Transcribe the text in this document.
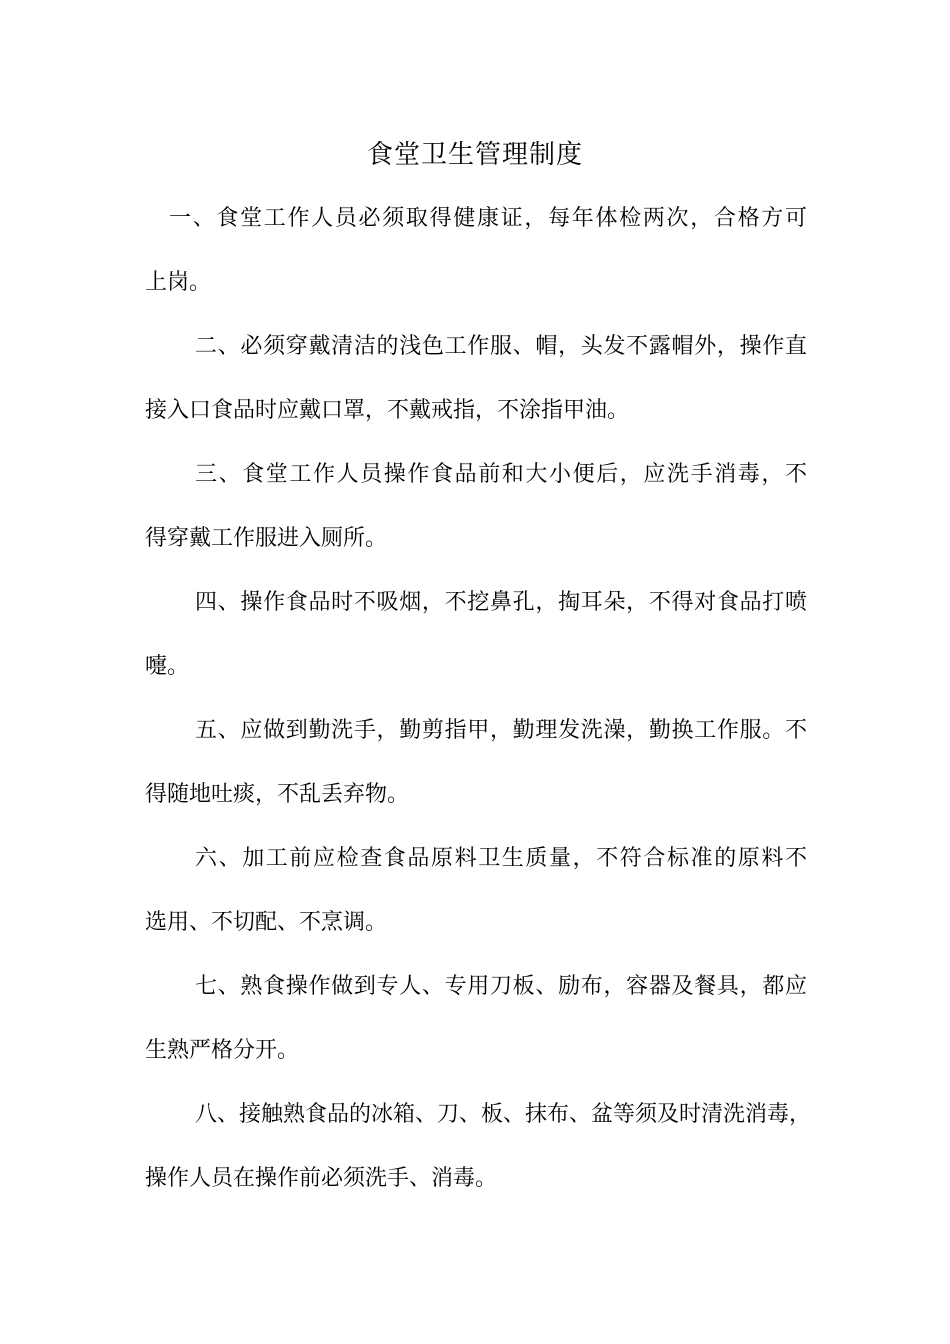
食堂卫生管理制度
一、食堂工作人员必须取得健康证，每年体检两次，合格方可
上岗。
二、必须穿戴清洁的浅色工作服、帽，头发不露帽外，操作直
接入口食品时应戴口罩，不戴戒指，不涂指甲油。
三、食堂工作人员操作食品前和大小便后，应洗手消毒，不
得穿戴工作服进入厕所。
四、操作食品时不吸烟，不挖鼻孔，掏耳朵，不得对食品打喷
嚏。
五、应做到勤洗手，勤剪指甲，勤理发洗澡，勤换工作服。不
得随地吐痰，不乱丢弃物。
六、加工前应检查食品原料卫生质量，不符合标准的原料不
选用、不切配、不烹调。
七、熟食操作做到专人、专用刀板、励布，容器及餐具，都应
生熟严格分开。
八、接触熟食品的冰箱、刀、板、抹布、盆等须及时清洗消毒，
操作人员在操作前必须洗手、消毒。
